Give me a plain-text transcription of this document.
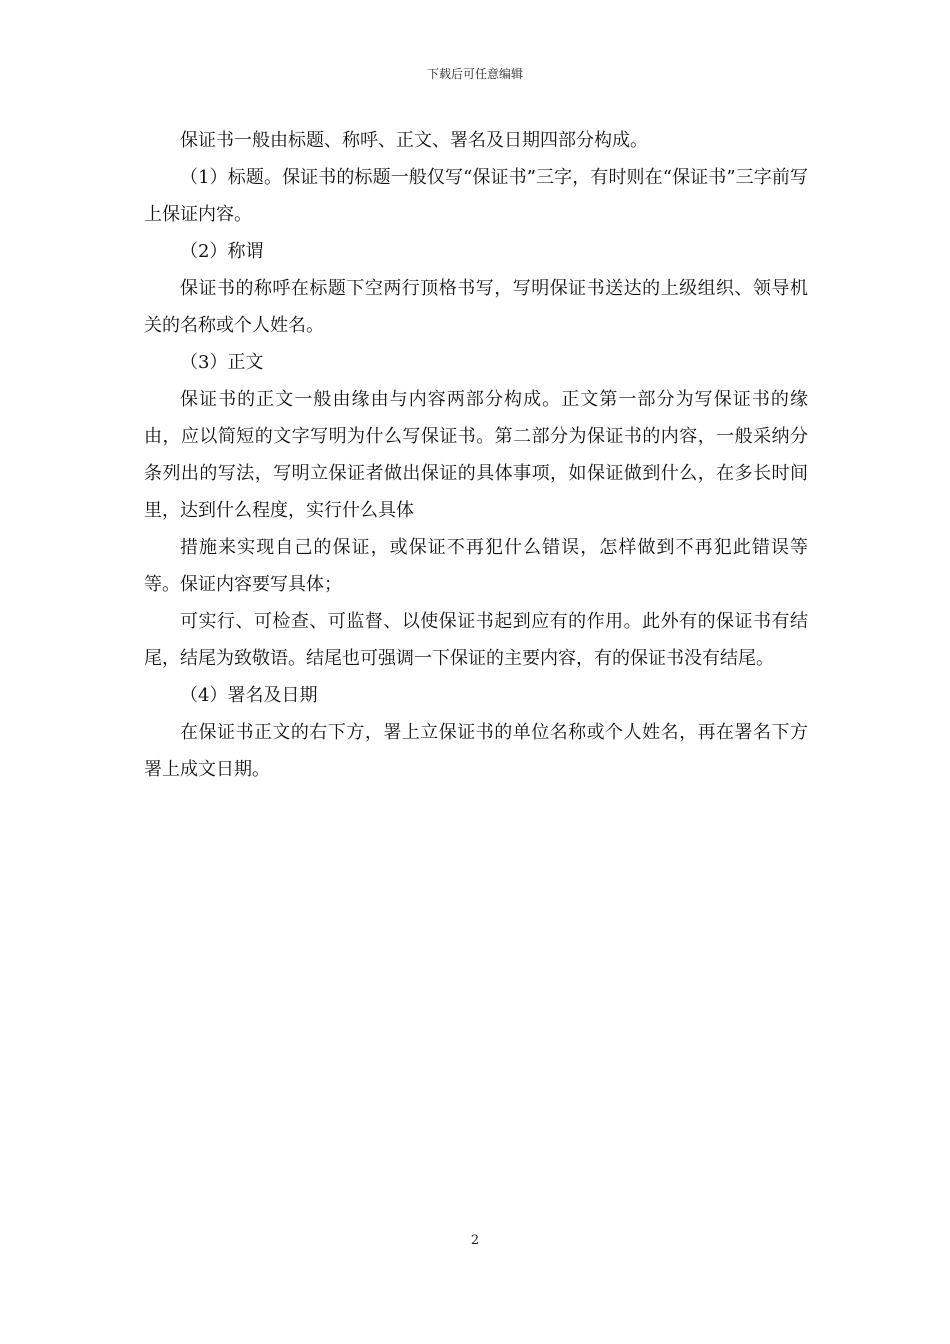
下载后可任意编辑

保证书一般由标题、称呼、正文、署名及日期四部分构成。

（1）标题。保证书的标题一般仅写“保证书”三字，有时则在“保证书”三字前写上保证内容。

（2）称谓

保证书的称呼在标题下空两行顶格书写，写明保证书送达的上级组织、领导机关的名称或个人姓名。

（3）正文

保证书的正文一般由缘由与内容两部分构成。正文第一部分为写保证书的缘由，应以简短的文字写明为什么写保证书。第二部分为保证书的内容，一般采纳分条列出的写法，写明立保证者做出保证的具体事项，如保证做到什么，在多长时间里，达到什么程度，实行什么具体

措施来实现自己的保证，或保证不再犯什么错误，怎样做到不再犯此错误等等。保证内容要写具体；

可实行、可检查、可监督、以使保证书起到应有的作用。此外有的保证书有结尾，结尾为致敬语。结尾也可强调一下保证的主要内容，有的保证书没有结尾。

（4）署名及日期

在保证书正文的右下方，署上立保证书的单位名称或个人姓名，再在署名下方署上成文日期。

2
